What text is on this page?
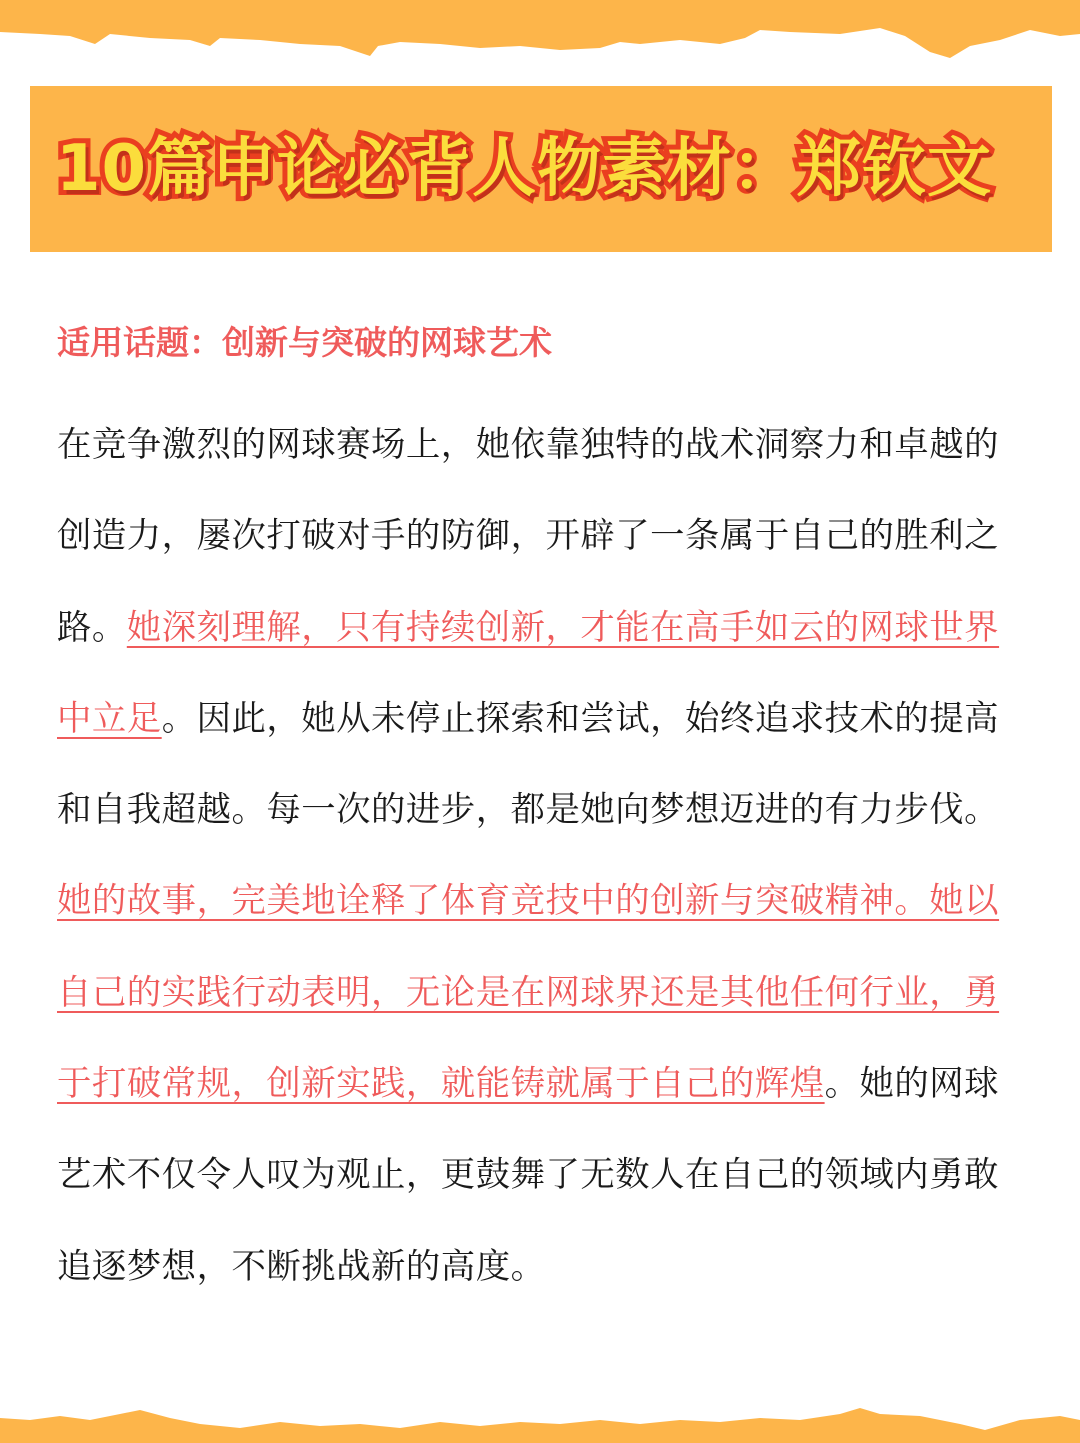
10篇申论必背人物素材：郑钦文
适用话题：创新与突破的网球艺术

在竞争激烈的网球赛场上，她依靠独特的战术洞察力和卓越的创造力，屡次打破对手的防御，开辟了一条属于自己的胜利之路。她深刻理解，只有持续创新，才能在高手如云的网球世界中立足。因此，她从未停止探索和尝试，始终追求技术的提高和自我超越。每一次的进步，都是她向梦想迈进的有力步伐。她的故事，完美地诠释了体育竞技中的创新与突破精神。她以自己的实践行动表明，无论是在网球界还是其他任何行业，勇于打破常规，创新实践，就能铸就属于自己的辉煌。她的网球艺术不仅令人叹为观止，更鼓舞了无数人在自己的领域内勇敢追逐梦想，不断挑战新的高度。
